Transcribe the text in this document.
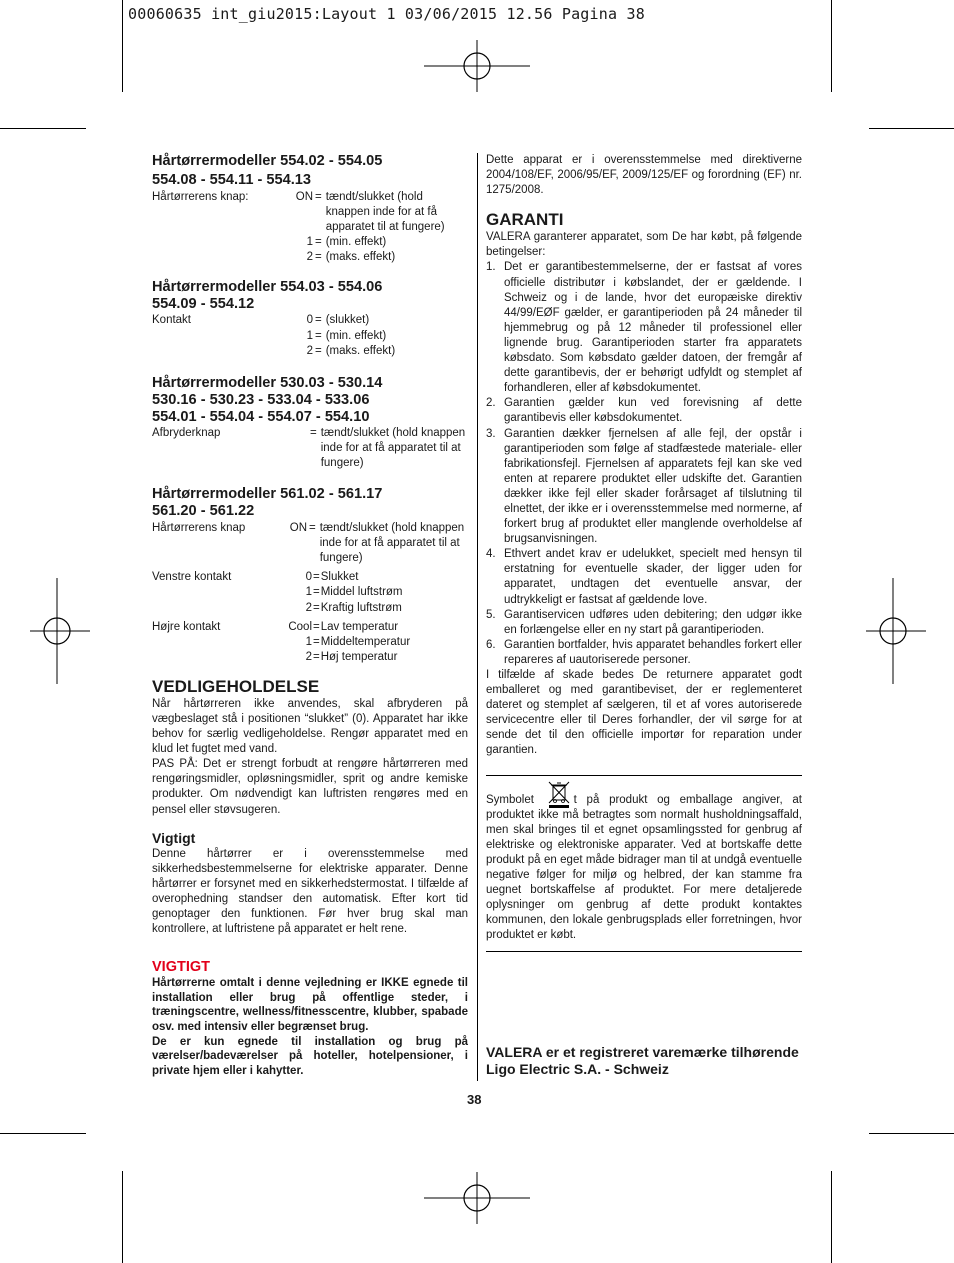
00060635 int_giu2015:Layout 1 03/06/2015 12.56 Pagina 38
Hårtørrermodeller 554.02 - 554.05
554.08 - 554.11 - 554.13
Hårtørrerens knap:	ON = tændt/slukket (hold knappen inde for at få apparatet til at fungere)
1 = (min. effekt)
2 = (maks. effekt)
Hårtørrermodeller 554.03 - 554.06
554.09 - 554.12
Kontakt	0 = (slukket)
1 = (min. effekt)
2 = (maks. effekt)
Hårtørrermodeller 530.03 - 530.14
530.16 - 530.23 - 533.04 - 533.06
554.01 - 554.04 - 554.07 - 554.10
Afbryderknap	= tændt/slukket (hold knappen inde for at få apparatet til at fungere)
Hårtørrermodeller 561.02 - 561.17
561.20 - 561.22
Hårtørrerens knap	ON = tændt/slukket (hold knappen inde for at få apparatet til at fungere)
Venstre kontakt	0 = Slukket
1 = Middel luftstrøm
2 = Kraftig luftstrøm
Højre kontakt	Cool = Lav temperatur
1 = Middeltemperatur
2 = Høj temperatur
VEDLIGEHOLDELSE

Når hårtørreren ikke anvendes, skal afbryderen på vægbeslaget stå i positionen “slukket” (0). Apparatet har ikke behov for særlig vedligeholdelse. Rengør apparatet med en klud let fugtet med vand.

PAS PÅ: Det er strengt forbudt at rengøre hårtørreren med rengøringsmidler, opløsningsmidler, sprit og andre kemiske produkter. Om nødvendigt kan luftristen rengøres med en pensel eller støvsugeren.

Vigtigt

Denne hårtørrer er i overensstemmelse med sikkerhedsbestemmelserne for elektriske apparater. Denne hårtørrer er forsynet med en sikkerhedstermostat. I tilfælde af overophedning standser den automatisk. Efter kort tid genoptager den funktionen. Før hver brug skal man kontrollere, at luftristene på apparatet er helt rene.

VIGTIGT

Hårtørrerne omtalt i denne vejledning er IKKE egnede til installation eller brug på offentlige steder, i træningscentre, wellness/fitnesscentre, klubber, spabade osv. med intensiv eller begrænset brug.

De er kun egnede til installation og brug på værelser/badeværelser på hoteller, hotelpensioner, i private hjem eller i kahytter.

Dette apparat er i overensstemmelse med direktiverne 2004/108/EF, 2006/95/EF, 2009/125/EF og forordning (EF) nr. 1275/2008.

GARANTI

VALERA garanterer apparatet, som De har købt, på følgende betingelser:

1. Det er garantibestemmelserne, der er fastsat af vores officielle distributør i købslandet, der er gældende. I Schweiz og i de lande, hvor det europæiske direktiv 44/99/EØF gælder, er garantiperioden på 24 måneder til hjemmebrug og på 12 måneder til professionel eller lignende brug. Garantiperioden starter fra apparatets købsdato. Som købsdato gælder datoen, der fremgår af dette garantibevis, der er behørigt udfyldt og stemplet af forhandleren, eller af købsdokumentet.
2. Garantien gælder kun ved forevisning af dette garantibevis eller købsdokumentet.
3. Garantien dækker fjernelsen af alle fejl, der opstår i garantiperioden som følge af stadfæstede materiale- eller fabrikationsfejl. Fjernelsen af apparatets fejl kan ske ved enten at reparere produktet eller udskifte det. Garantien dækker ikke fejl eller skader forårsaget af tilslutning til elnettet, der ikke er i overensstemmelse med normerne, af forkert brug af produktet eller manglende overholdelse af brugsanvisningen.
4. Ethvert andet krav er udelukket, specielt med hensyn til erstatning for eventuelle skader, der ligger uden for apparatet, undtagen det eventuelle ansvar, der udtrykkeligt er fastsat af gældende love.
5. Garantiservicen udføres uden debitering; den udgør ikke en forlængelse eller en ny start på garantiperioden.
6. Garantien bortfalder, hvis apparatet behandles forkert eller repareres af uautoriserede personer.

I tilfælde af skade bedes De returnere apparatet godt emballeret og med garantibeviset, der er reglementeret dateret og stemplet af sælgeren, til et af vores autoriserede servicecentre eller til Deres forhandler, der vil sørge for at sende det til den officielle importør for reparation under garantien.

Symbolet	t på produkt og emballage angiver, at produktet ikke må betragtes som normalt husholdningsaffald, men skal bringes til et egnet opsamlingssted for genbrug af elektriske og elektroniske apparater. Ved at bortskaffe dette produkt på en eget måde bidrager man til at undgå eventuelle negative følger for miljø og helbred, der kan stamme fra uegnet bortskaffelse af produktet. For mere detaljerede oplysninger om genbrug af dette produkt kontaktes kommunen, den lokale genbrugsplads eller forretningen, hvor produktet er købt.

VALERA er et registreret varemærke tilhørende
Ligo Electric S.A. - Schweiz
38
